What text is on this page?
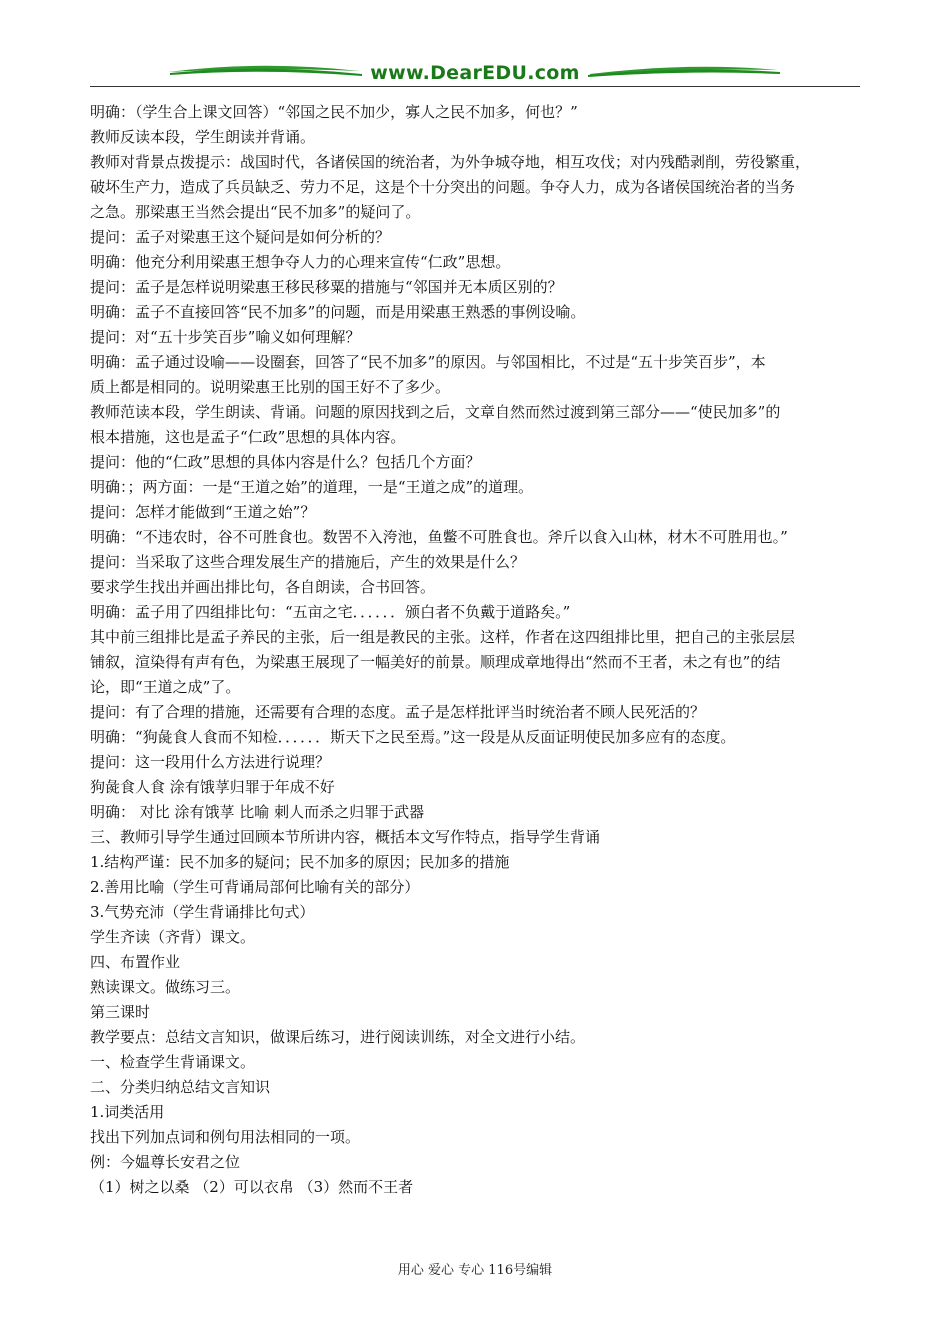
www.DearEDU.com
明确：（学生合上课文回答）“邻国之民不加少，寡人之民不加多，何也？”
教师反读本段，学生朗读并背诵。
教师对背景点拨提示：战国时代，各诸侯国的统治者，为外争城夺地，相互攻伐；对内残酷剥削，劳役繁重，
破坏生产力，造成了兵员缺乏、劳力不足，这是个十分突出的问题。争夺人力，成为各诸侯国统治者的当务
之急。那梁惠王当然会提出“民不加多”的疑问了。
提问：孟子对梁惠王这个疑问是如何分析的？
明确：他充分利用梁惠王想争夺人力的心理来宣传“仁政”思想。
提问：孟子是怎样说明梁惠王移民移粟的措施与“邻国并无本质区别的？
明确：孟子不直接回答“民不加多”的问题，而是用梁惠王熟悉的事例设喻。
提问：对“五十步笑百步”喻义如何理解？
明确：孟子通过设喻——设圈套，回答了“民不加多”的原因。与邻国相比，不过是“五十步笑百步”，本
质上都是相同的。说明梁惠王比别的国王好不了多少。
教师范读本段，学生朗读、背诵。问题的原因找到之后，文章自然而然过渡到第三部分——“使民加多”的
根本措施，这也是孟子“仁政”思想的具体内容。
提问：他的“仁政”思想的具体内容是什么？包括几个方面？
明确：；两方面：一是“王道之始”的道理，一是“王道之成”的道理。
提问：怎样才能做到“王道之始”？
明确：“不违农时，谷不可胜食也。数罟不入洿池，鱼鳖不可胜食也。斧斤以食入山林，材木不可胜用也。”
提问：当采取了这些合理发展生产的措施后，产生的效果是什么？
要求学生找出并画出排比句，各自朗读，合书回答。
明确：孟子用了四组排比句：“五亩之宅．．．．．．颁白者不负戴于道路矣。”
其中前三组排比是孟子养民的主张，后一组是教民的主张。这样，作者在这四组排比里，把自己的主张层层
铺叙，渲染得有声有色，为梁惠王展现了一幅美好的前景。顺理成章地得出“然而不王者，未之有也”的结
论，即“王道之成”了。
提问：有了合理的措施，还需要有合理的态度。孟子是怎样批评当时统治者不顾人民死活的？
明确：“狗彘食人食而不知检．．．．．．斯天下之民至焉。”这一段是从反面证明使民加多应有的态度。
提问：这一段用什么方法进行说理？
狗彘食人食 涂有饿莩归罪于年成不好
明确： 对比 涂有饿莩 比喻 刺人而杀之归罪于武器
三、教师引导学生通过回顾本节所讲内容，概括本文写作特点，指导学生背诵
1.结构严谨：民不加多的疑问；民不加多的原因；民加多的措施
2.善用比喻（学生可背诵局部何比喻有关的部分）
3.气势充沛（学生背诵排比句式）
学生齐读（齐背）课文。
四、布置作业
熟读课文。做练习三。
第三课时
教学要点：总结文言知识，做课后练习，进行阅读训练，对全文进行小结。
一、检查学生背诵课文。
二、分类归纳总结文言知识
1.词类活用
找出下列加点词和例句用法相同的一项。
例：今媪尊长安君之位
（1）树之以桑 （2）可以衣帛 （3）然而不王者
用心 爱心 专心 116号编辑
